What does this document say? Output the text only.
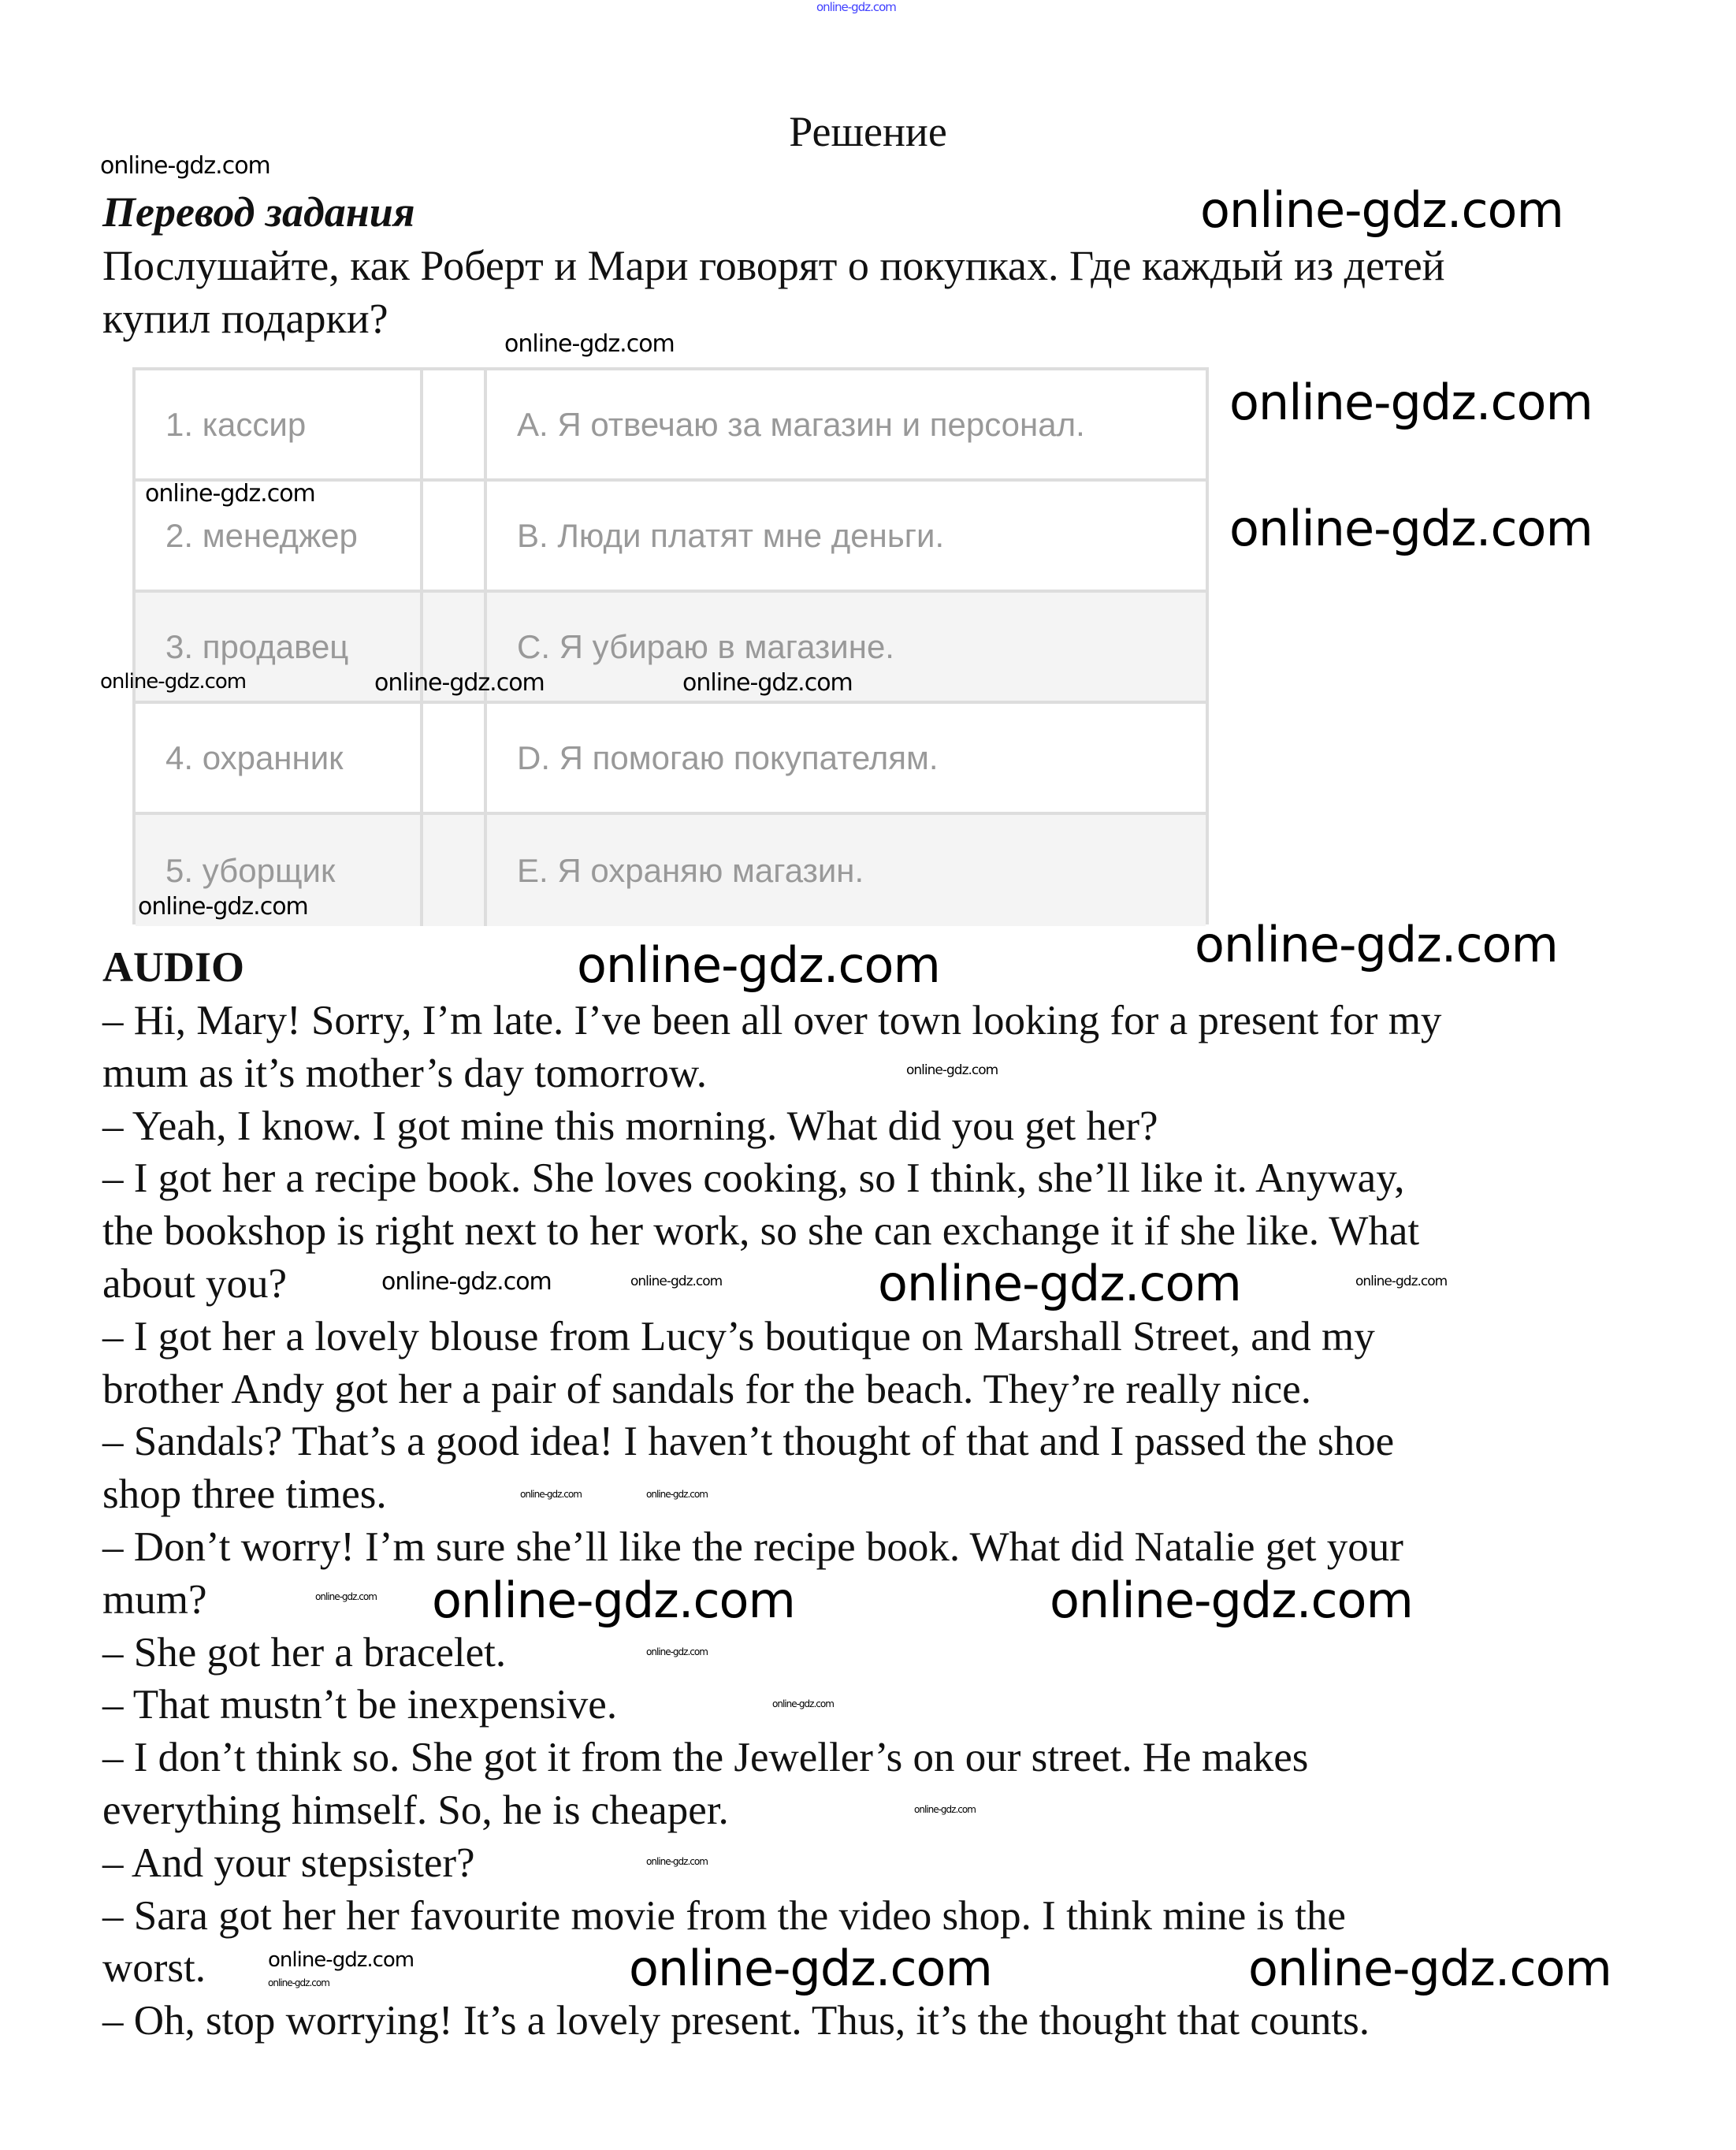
Решение
Перевод задания
Послушайте, как Роберт и Мари говорят о покупках. Где каждый из детей
купил подарки?
1. кассир	A. Я отвечаю за магазин и персонал.
2. менеджер	B. Люди платят мне деньги.
3. продавец	C. Я убираю в магазине.
4. охранник	D. Я помогаю покупателям.
5. уборщик	E. Я охраняю магазин.
AUDIO
– Hi, Mary! Sorry, I’m late. I’ve been all over town looking for a present for my
mum as it’s mother’s day tomorrow.
– Yeah, I know. I got mine this morning. What did you get her?
– I got her a recipe book. She loves cooking, so I think, she’ll like it. Anyway,
the bookshop is right next to her work, so she can exchange it if she like. What
about you?
– I got her a lovely blouse from Lucy’s boutique on Marshall Street, and my
brother Andy got her a pair of sandals for the beach. They’re really nice.
– Sandals? That’s a good idea! I haven’t thought of that and I passed the shoe
shop three times.
– Don’t worry! I’m sure she’ll like the recipe book. What did Natalie get your
mum?
– She got her a bracelet.
– That mustn’t be inexpensive.
– I don’t think so. She got it from the Jeweller’s on our street. He makes
everything himself. So, he is cheaper.
– And your stepsister?
– Sara got her her favourite movie from the video shop. I think mine is the
worst.
– Oh, stop worrying! It’s a lovely present. Thus, it’s the thought that counts.
online-gdz.com
online-gdz.com
online-gdz.com
online-gdz.com
online-gdz.com
online-gdz.com
online-gdz.com
online-gdz.com	online-gdz.com	online-gdz.com
online-gdz.com
online-gdz.com
online-gdz.com
online-gdz.com
online-gdz.com	online-gdz.com
online-gdz.com	online-gdz.com
online-gdz.com	online-gdz.com
online-gdz.com
online-gdz.com
online-gdz.com
online-gdz.com
online-gdz.com
online-gdz.com
online-gdz.com	online-gdz.com
online-gdz.com	online-gdz.com	online-gdz.com
